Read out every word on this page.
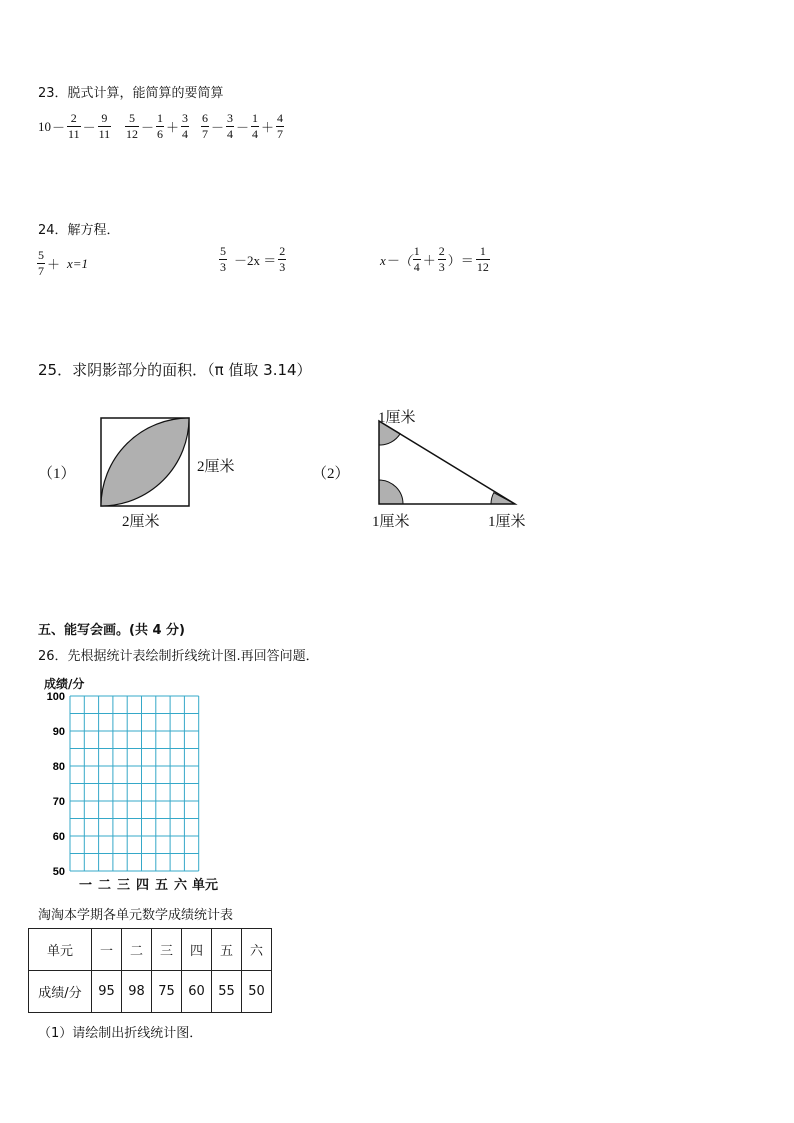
23．脱式计算，能简算的要简算
$10 - \frac{2}{11} - \frac{9}{11} \frac{5}{12} - \frac{1}{6} + \frac{3}{4} \frac{6}{7} - \frac{3}{4} - \frac{1}{4} + \frac{4}{7}$
24．解方程．
$\frac{5}{7} + x=1$	$\frac{5}{3} -2x = \frac{2}{3}$	$x-( \frac{1}{4} + \frac{2}{3}$ ）＝ $\frac{1}{12}$
25．求阴影部分的面积．（π 值取 3.14）
（1）	2厘米
2厘米
（2）
1厘米
1厘米	1厘米
五、能写会画。(共 4 分)
26．先根据统计表绘制折线统计图.再回答问题．
成绩/分
100
90
80
70
60
50
一 二 三 四 五 六 单元
淘淘本学期各单元数学成绩统计表
单元	一	二	三	四	五	六
成绩/分	95	98	75	60	55	50
（1）请绘制出折线统计图．
